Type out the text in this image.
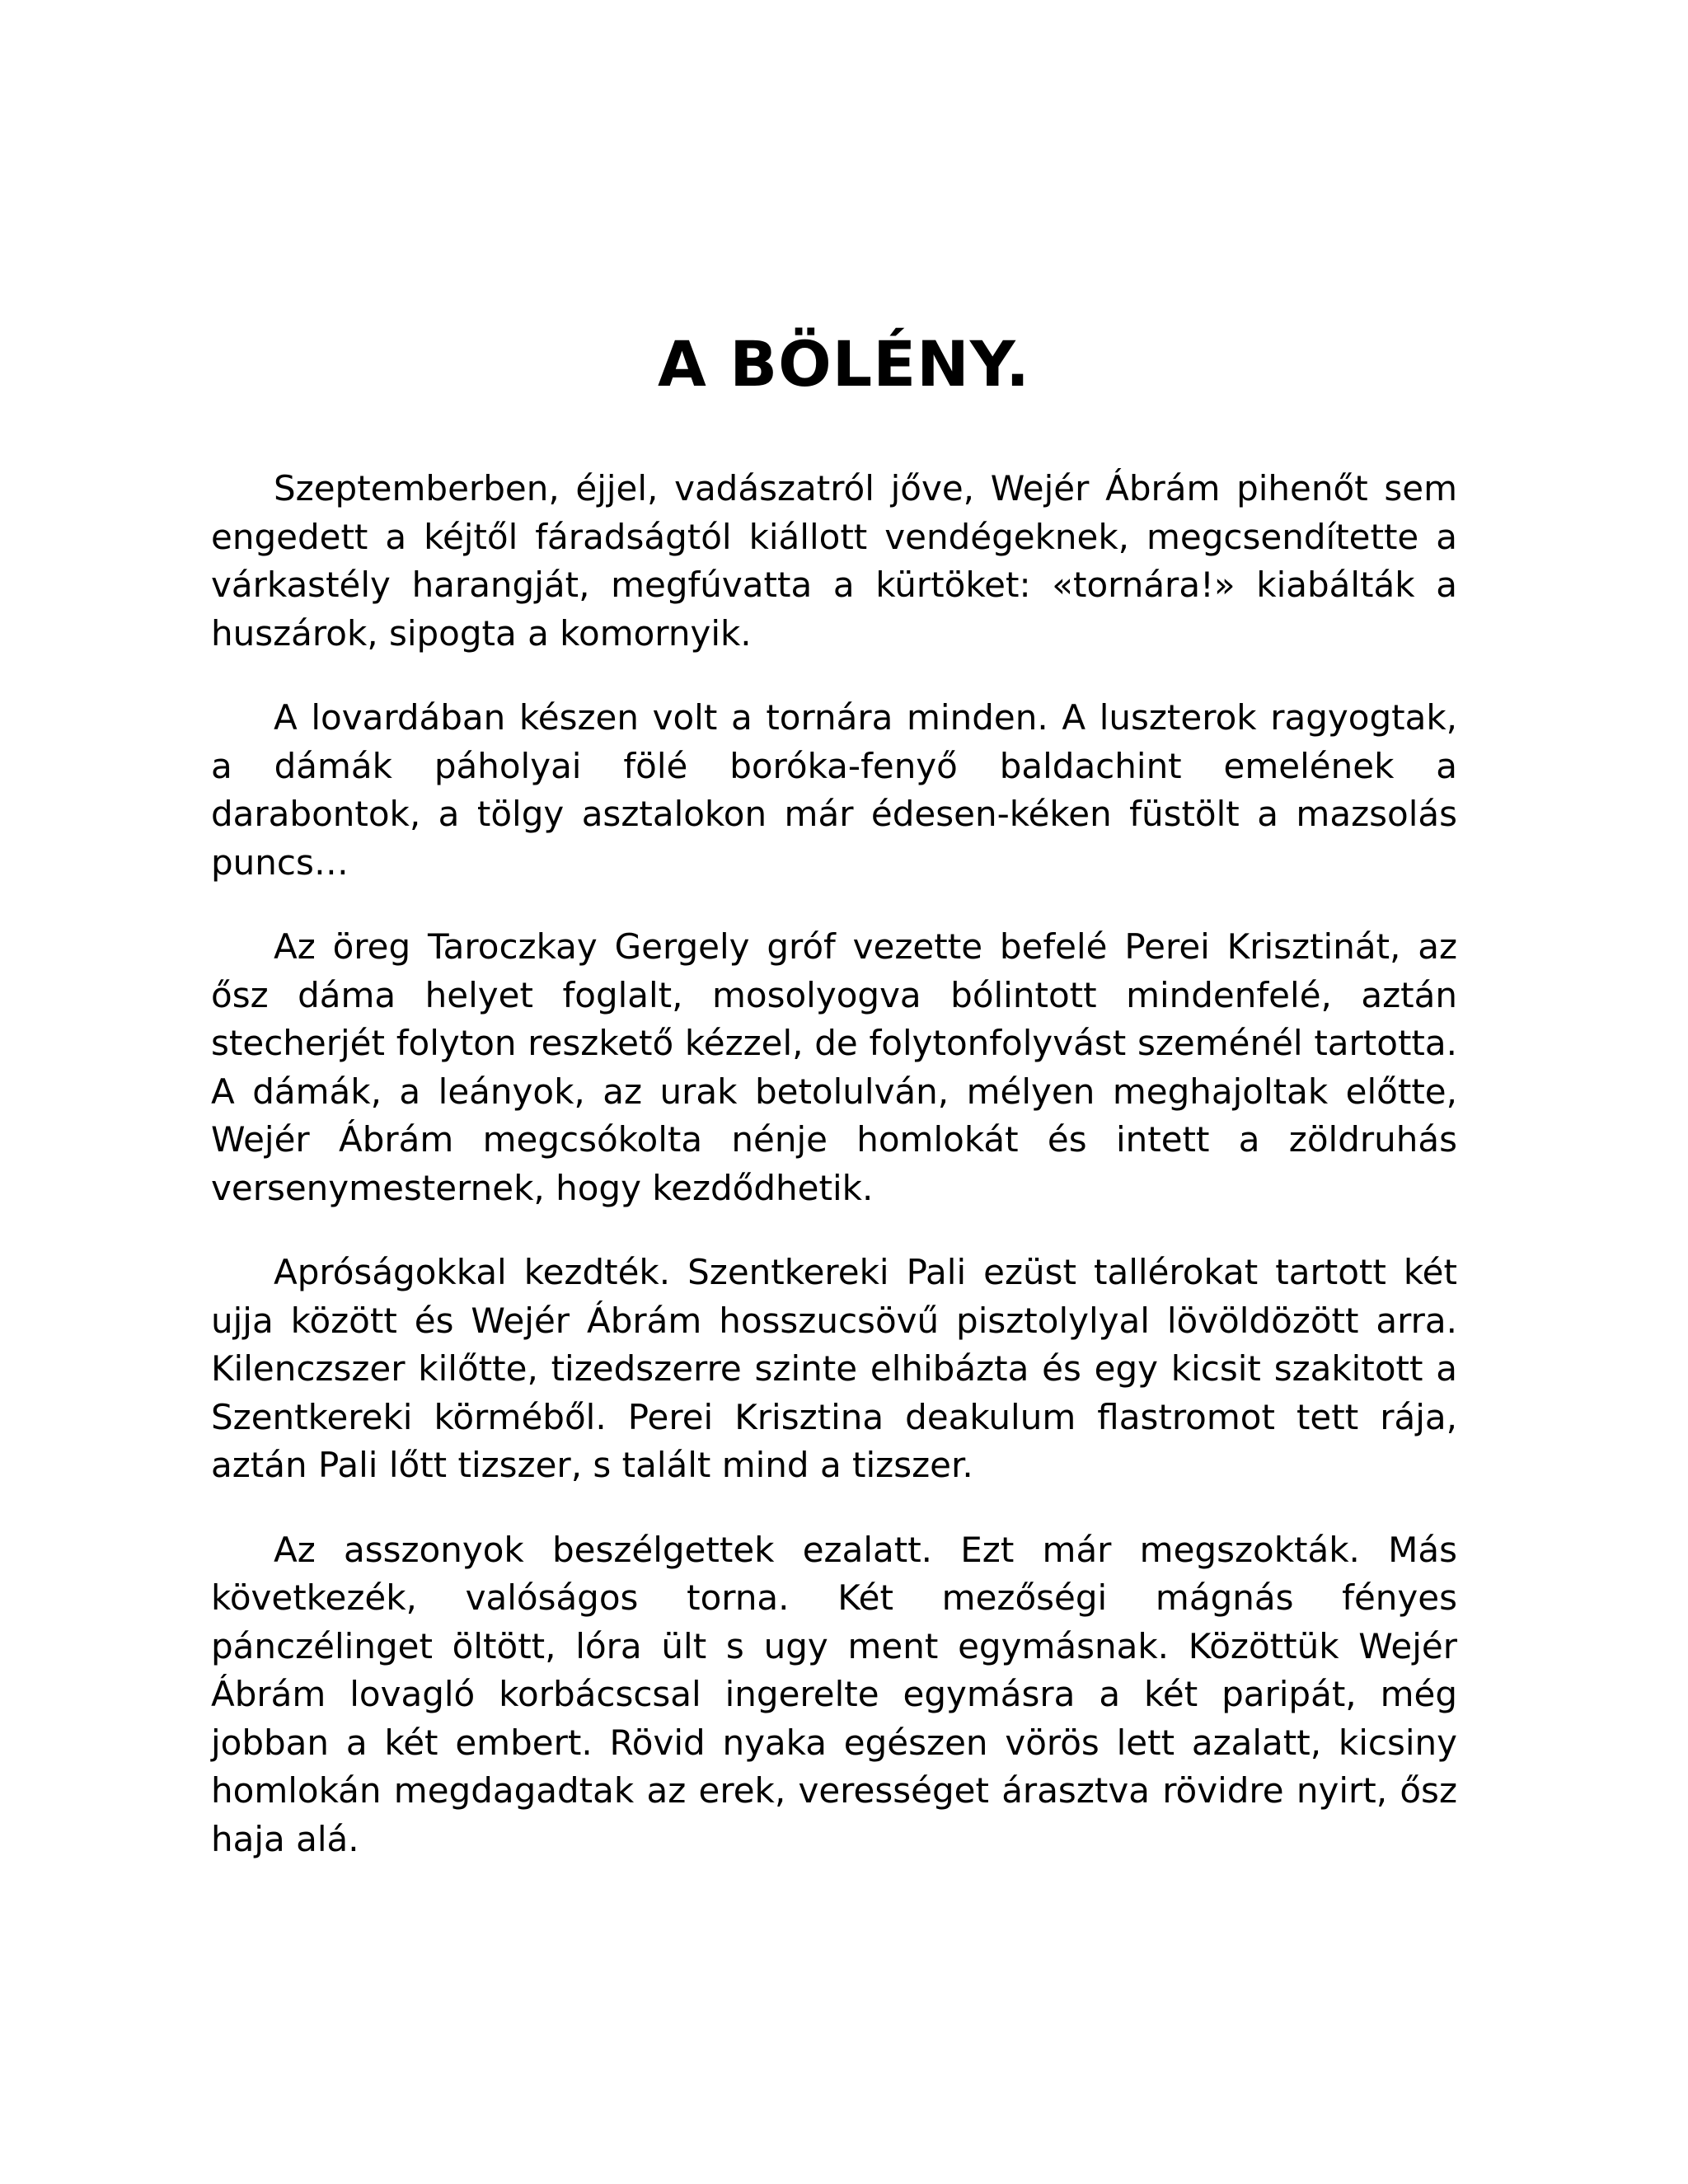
A BÖLÉNY.

Szeptemberben, éjjel, vadászatról jőve, Wejér Ábrám pihenőt sem engedett a kéjtől fáradságtól kiállott vendégeknek, megcsendítette a várkastély harangját, megfúvatta a kürtöket: «tornára!» kiabálták a huszárok, sipogta a komornyik.

A lovardában készen volt a tornára minden. A luszterok ragyogtak, a dámák páholyai fölé boróka-fenyő baldachint emelének a darabontok, a tölgy asztalokon már édesen-kéken füstölt a mazsolás puncs…

Az öreg Taroczkay Gergely gróf vezette befelé Perei Krisztinát, az ősz dáma helyet foglalt, mosolyogva bólintott mindenfelé, aztán stecherjét folyton reszkető kézzel, de folytonfolyvást szeménél tartotta. A dámák, a leányok, az urak betolulván, mélyen meghajoltak előtte, Wejér Ábrám megcsókolta nénje homlokát és intett a zöldruhás versenymesternek, hogy kezdődhetik.

Apróságokkal kezdték. Szentkereki Pali ezüst tallérokat tartott két ujja között és Wejér Ábrám hosszucsövű pisztolylyal lövöldözött arra. Kilenczszer kilőtte, tizedszerre szinte elhibázta és egy kicsit szakitott a Szentkereki körméből. Perei Krisztina deakulum flastromot tett rája, aztán Pali lőtt tizszer, s talált mind a tizszer.

Az asszonyok beszélgettek ezalatt. Ezt már megszokták. Más következék, valóságos torna. Két mezőségi mágnás fényes pánczélinget öltött, lóra ült s ugy ment egymásnak. Közöttük Wejér Ábrám lovagló korbácscsal ingerelte egymásra a két paripát, még jobban a két embert. Rövid nyaka egészen vörös lett azalatt, kicsiny homlokán megdagadtak az erek, verességet árasztva rövidre nyirt, ősz haja alá.
